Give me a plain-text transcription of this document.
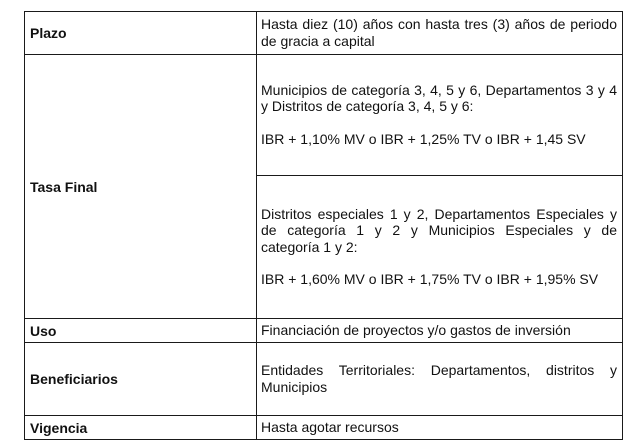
Plazo	Hasta diez (10) años con hasta tres (3) años de periodo de gracia a capital
Tasa Final	Municipios de categoría 3, 4, 5 y 6, Departamentos 3 y 4 y Distritos de categoría 3, 4, 5 y 6:

IBR + 1,10% MV o IBR + 1,25% TV o IBR + 1,45 SV

	Distritos especiales 1 y 2, Departamentos Especiales y de categoría 1 y 2 y Municipios Especiales y de categoría 1 y 2:

IBR + 1,60% MV o IBR + 1,75% TV o IBR + 1,95% SV

Uso	Financiación de proyectos y/o gastos de inversión
Beneficiarios	Entidades Territoriales: Departamentos, distritos y Municipios
Vigencia	Hasta agotar recursos
